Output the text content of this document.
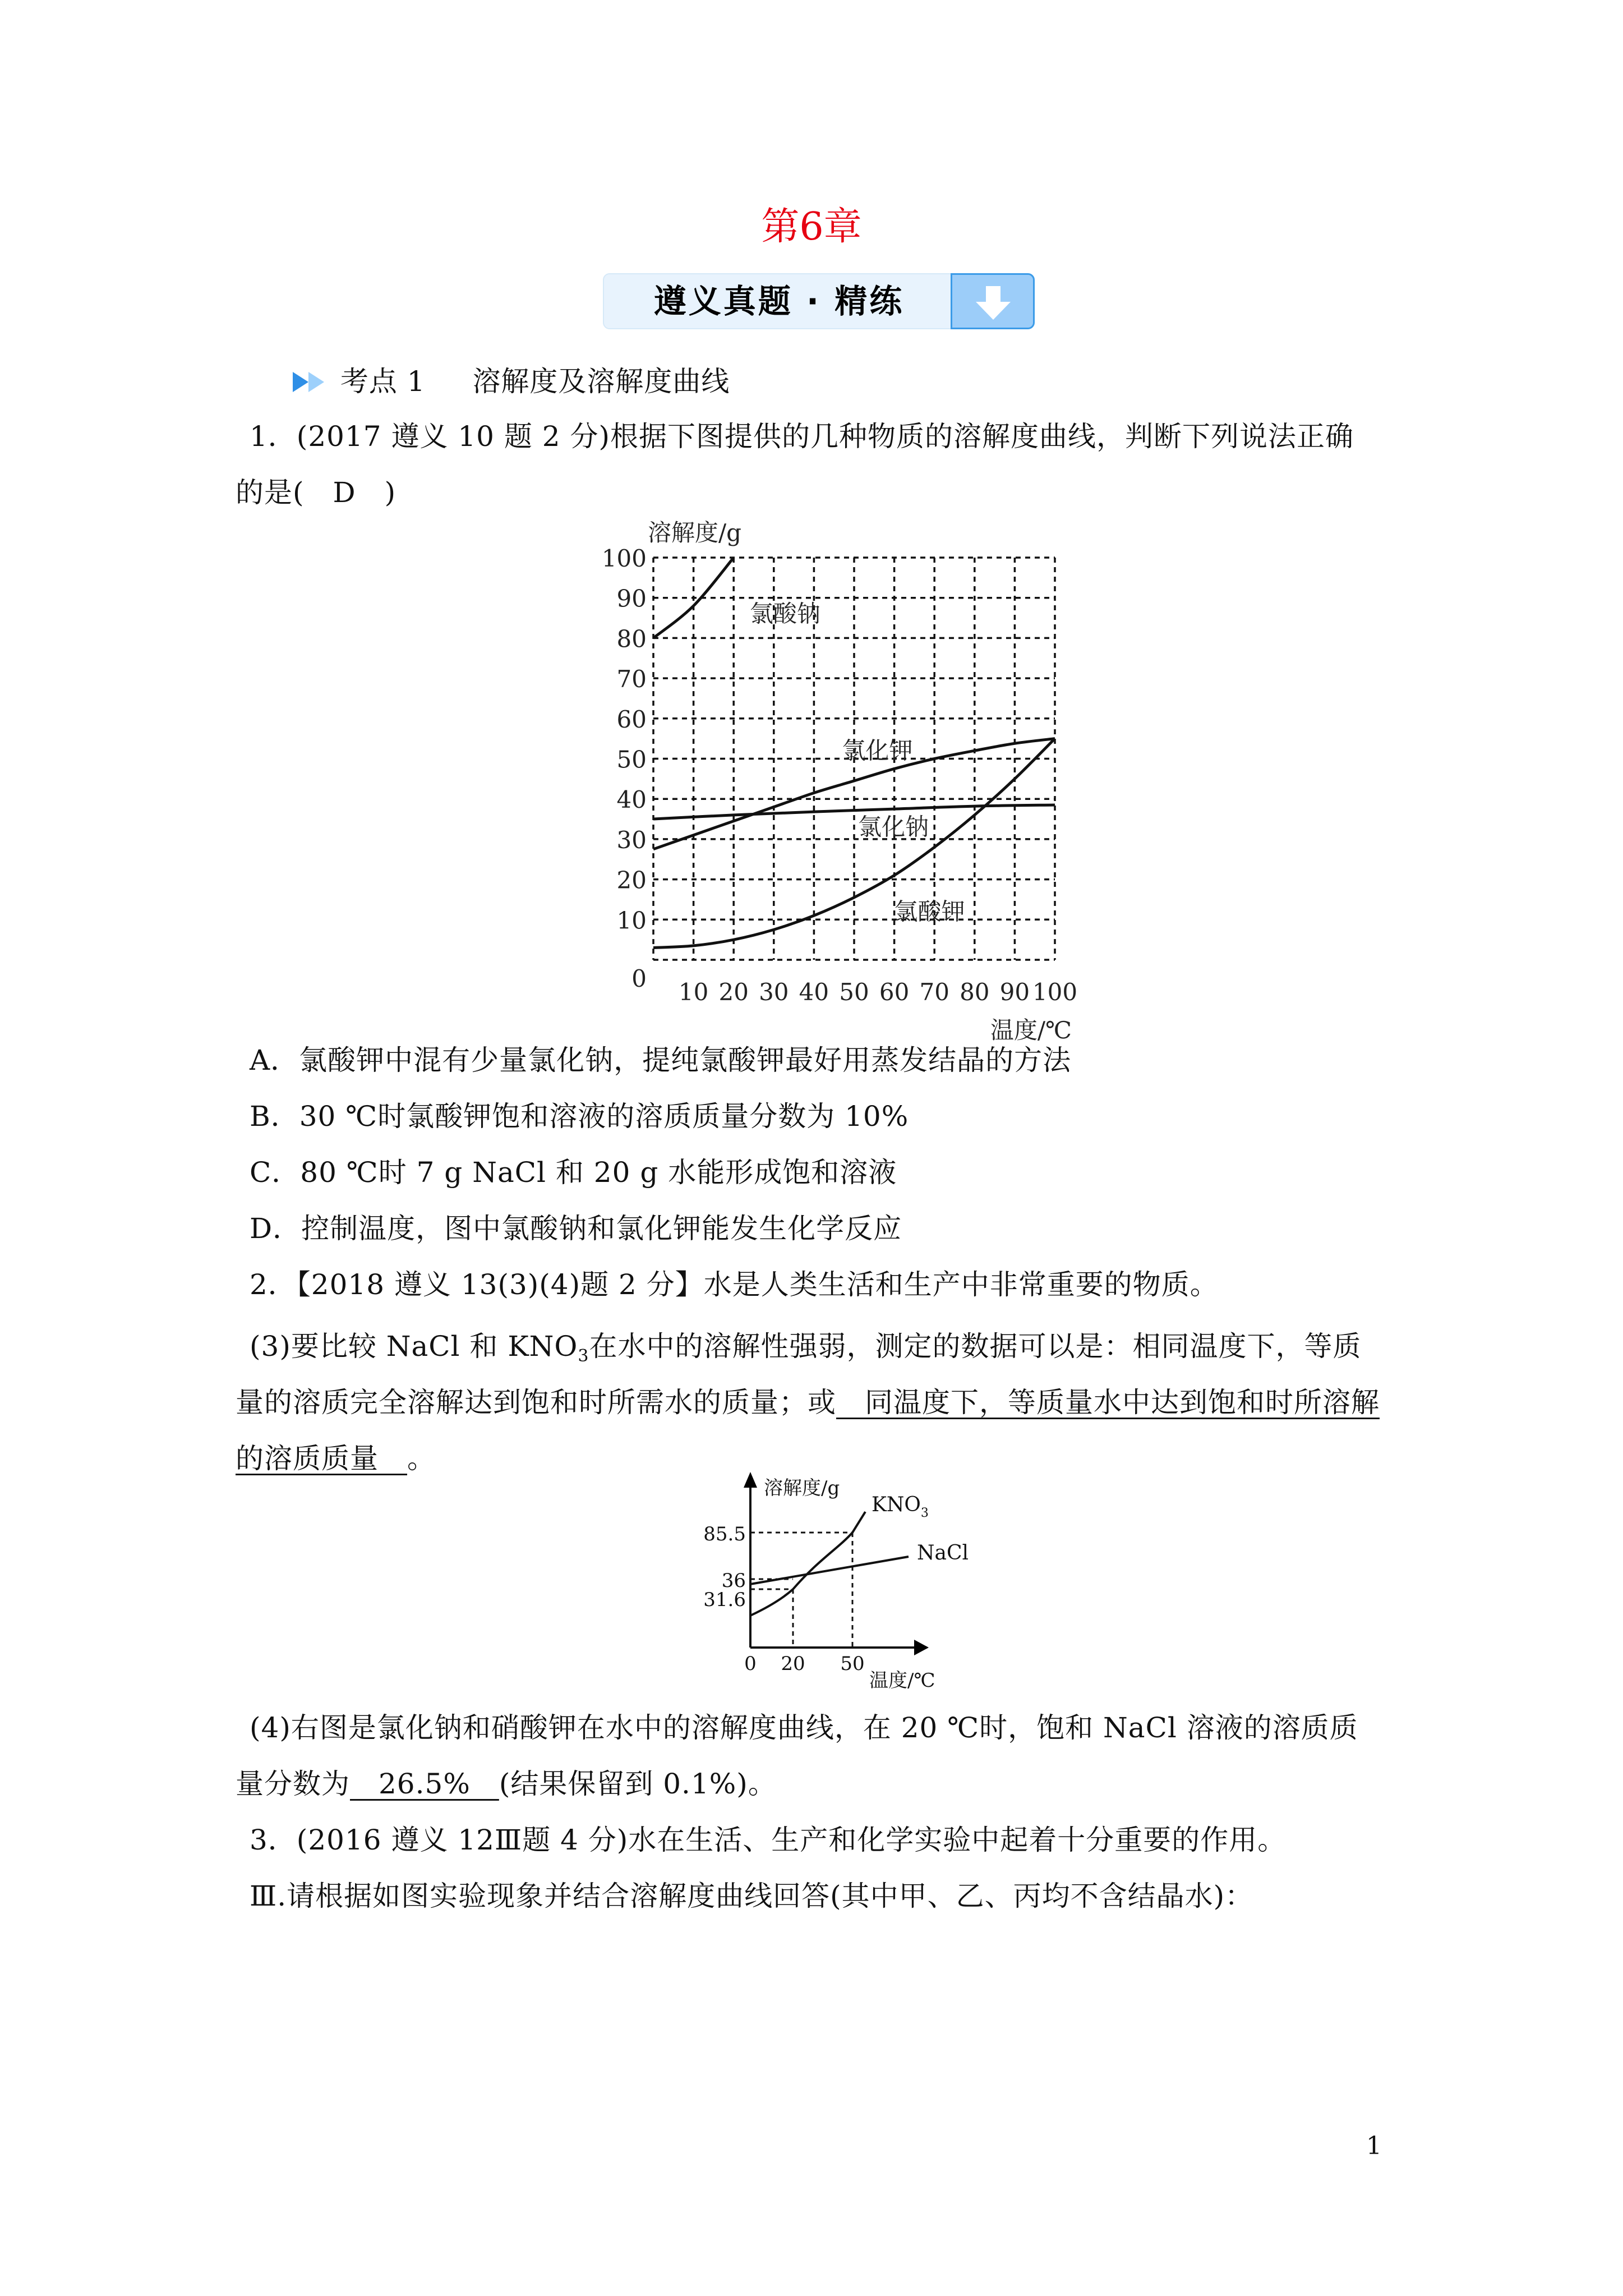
第6章
遵义真题 · 精练
考点 1 溶解度及溶解度曲线
1．(2017 遵义 10 题 2 分)根据下图提供的几种物质的溶解度曲线，判断下列说法正确
的是(　D　)
0
10
20
30
40
50
60
70
80
90
100
10 20 30 40 50 60 70 80 90 100
溶解度/g
温度/℃
氯酸钠
氯化钾
氯化钠
氯酸钾
A．氯酸钾中混有少量氯化钠，提纯氯酸钾最好用蒸发结晶的方法
B．30 ℃时氯酸钾饱和溶液的溶质质量分数为 10%
C．80 ℃时 7 g NaCl 和 20 g 水能形成饱和溶液
D．控制温度，图中氯酸钠和氯化钾能发生化学反应
2．【2018 遵义 13(3)(4)题 2 分】水是人类生活和生产中非常重要的物质。
(3)要比较 NaCl 和 $KNO_3$在水中的溶解性强弱，测定的数据可以是：相同温度下，等质
量的溶质完全溶解达到饱和时所需水的质量；或　同温度下，等质量水中达到饱和时所溶解
的溶质质量　。
85.5
36
31.6
0 20 50
溶解度/g
温度/℃
$KNO_3$
NaCl
(4)右图是氯化钠和硝酸钾在水中的溶解度曲线，在 20 ℃时，饱和 NaCl 溶液的溶质质
量分数为　26.5%　(结果保留到 0.1%)。
3．(2016 遵义 12Ⅲ题 4 分)水在生活、生产和化学实验中起着十分重要的作用。
Ⅲ.请根据如图实验现象并结合溶解度曲线回答(其中甲、乙、丙均不含结晶水)：
1
